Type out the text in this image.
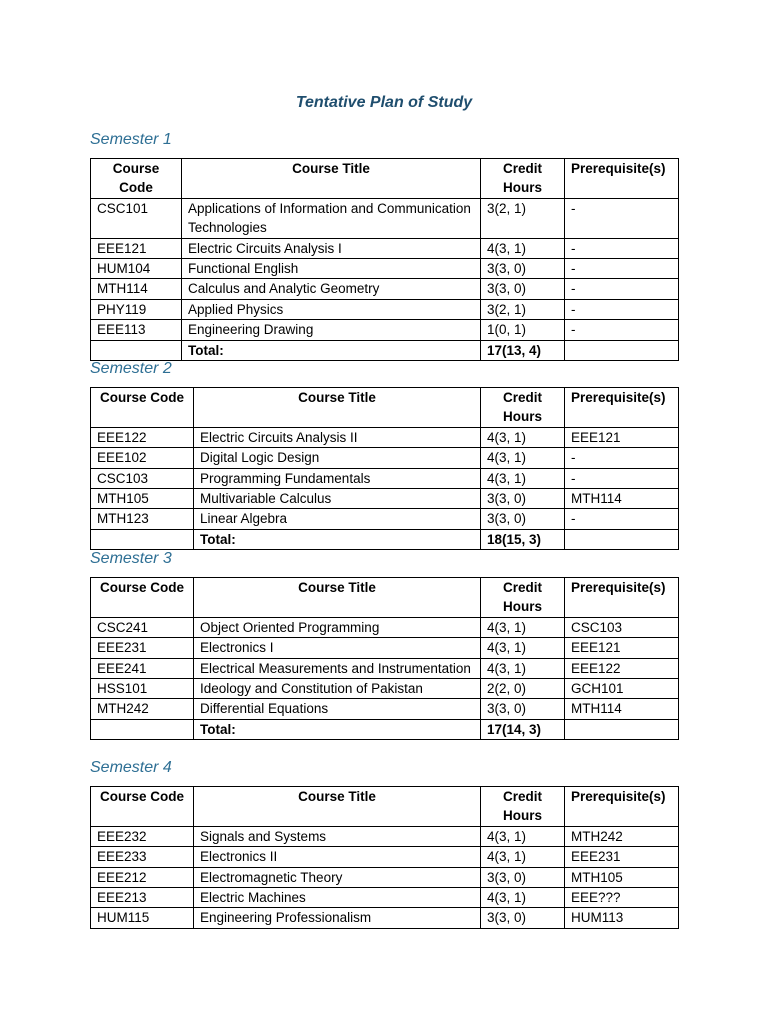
Tentative Plan of Study
Semester 1
Course Code	Course Title	Credit Hours	Prerequisite(s)
CSC101	Applications of Information and Communication Technologies	3(2, 1)	-
EEE121	Electric Circuits Analysis I	4(3, 1)	-
HUM104	Functional English	3(3, 0)	-
MTH114	Calculus and Analytic Geometry	3(3, 0)	-
PHY119	Applied Physics	3(2, 1)	-
EEE113	Engineering Drawing	1(0, 1)	-
	Total:	17(13, 4)	
Semester 2
Course Code	Course Title	Credit Hours	Prerequisite(s)
EEE122	Electric Circuits Analysis II	4(3, 1)	EEE121
EEE102	Digital Logic Design	4(3, 1)	-
CSC103	Programming Fundamentals	4(3, 1)	-
MTH105	Multivariable Calculus	3(3, 0)	MTH114
MTH123	Linear Algebra	3(3, 0)	-
	Total:	18(15, 3)	
Semester 3
Course Code	Course Title	Credit Hours	Prerequisite(s)
CSC241	Object Oriented Programming	4(3, 1)	CSC103
EEE231	Electronics I	4(3, 1)	EEE121
EEE241	Electrical Measurements and Instrumentation	4(3, 1)	EEE122
HSS101	Ideology and Constitution of Pakistan	2(2, 0)	GCH101
MTH242	Differential Equations	3(3, 0)	MTH114
	Total:	17(14, 3)	
Semester 4
Course Code	Course Title	Credit Hours	Prerequisite(s)
EEE232	Signals and Systems	4(3, 1)	MTH242
EEE233	Electronics II	4(3, 1)	EEE231
EEE212	Electromagnetic Theory	3(3, 0)	MTH105
EEE213	Electric Machines	4(3, 1)	EEE???
HUM115	Engineering Professionalism	3(3, 0)	HUM113
